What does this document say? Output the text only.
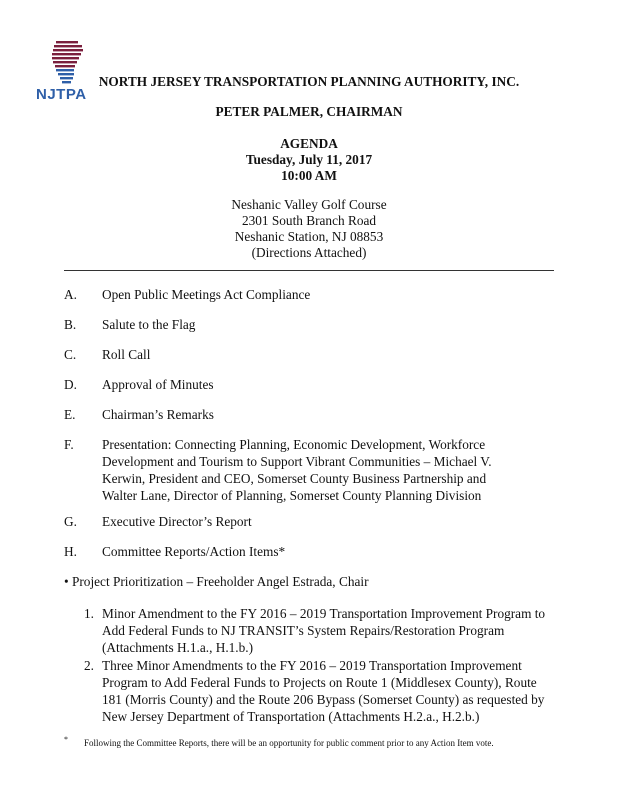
NJTPA
NORTH JERSEY TRANSPORTATION PLANNING AUTHORITY, INC.
PETER PALMER, CHAIRMAN
AGENDA
Tuesday, July 11, 2017
10:00 AM
Neshanic Valley Golf Course
2301 South Branch Road
Neshanic Station, NJ 08853
(Directions Attached)
A.	Open Public Meetings Act Compliance
B.	Salute to the Flag
C.	Roll Call
D.	Approval of Minutes
E.	Chairman’s Remarks
F.	Presentation: Connecting Planning, Economic Development, Workforce Development and Tourism to Support Vibrant Communities – Michael V. Kerwin, President and CEO, Somerset County Business Partnership and Walter Lane, Director of Planning, Somerset County Planning Division
G.	Executive Director’s Report
H.	Committee Reports/Action Items*
• Project Prioritization – Freeholder Angel Estrada, Chair
1. Minor Amendment to the FY 2016 – 2019 Transportation Improvement Program to Add Federal Funds to NJ TRANSIT’s System Repairs/Restoration Program (Attachments H.1.a., H.1.b.)
2. Three Minor Amendments to the FY 2016 – 2019 Transportation Improvement Program to Add Federal Funds to Projects on Route 1 (Middlesex County), Route 181 (Morris County) and the Route 206 Bypass (Somerset County) as requested by New Jersey Department of Transportation (Attachments H.2.a., H.2.b.)
* Following the Committee Reports, there will be an opportunity for public comment prior to any Action Item vote.
